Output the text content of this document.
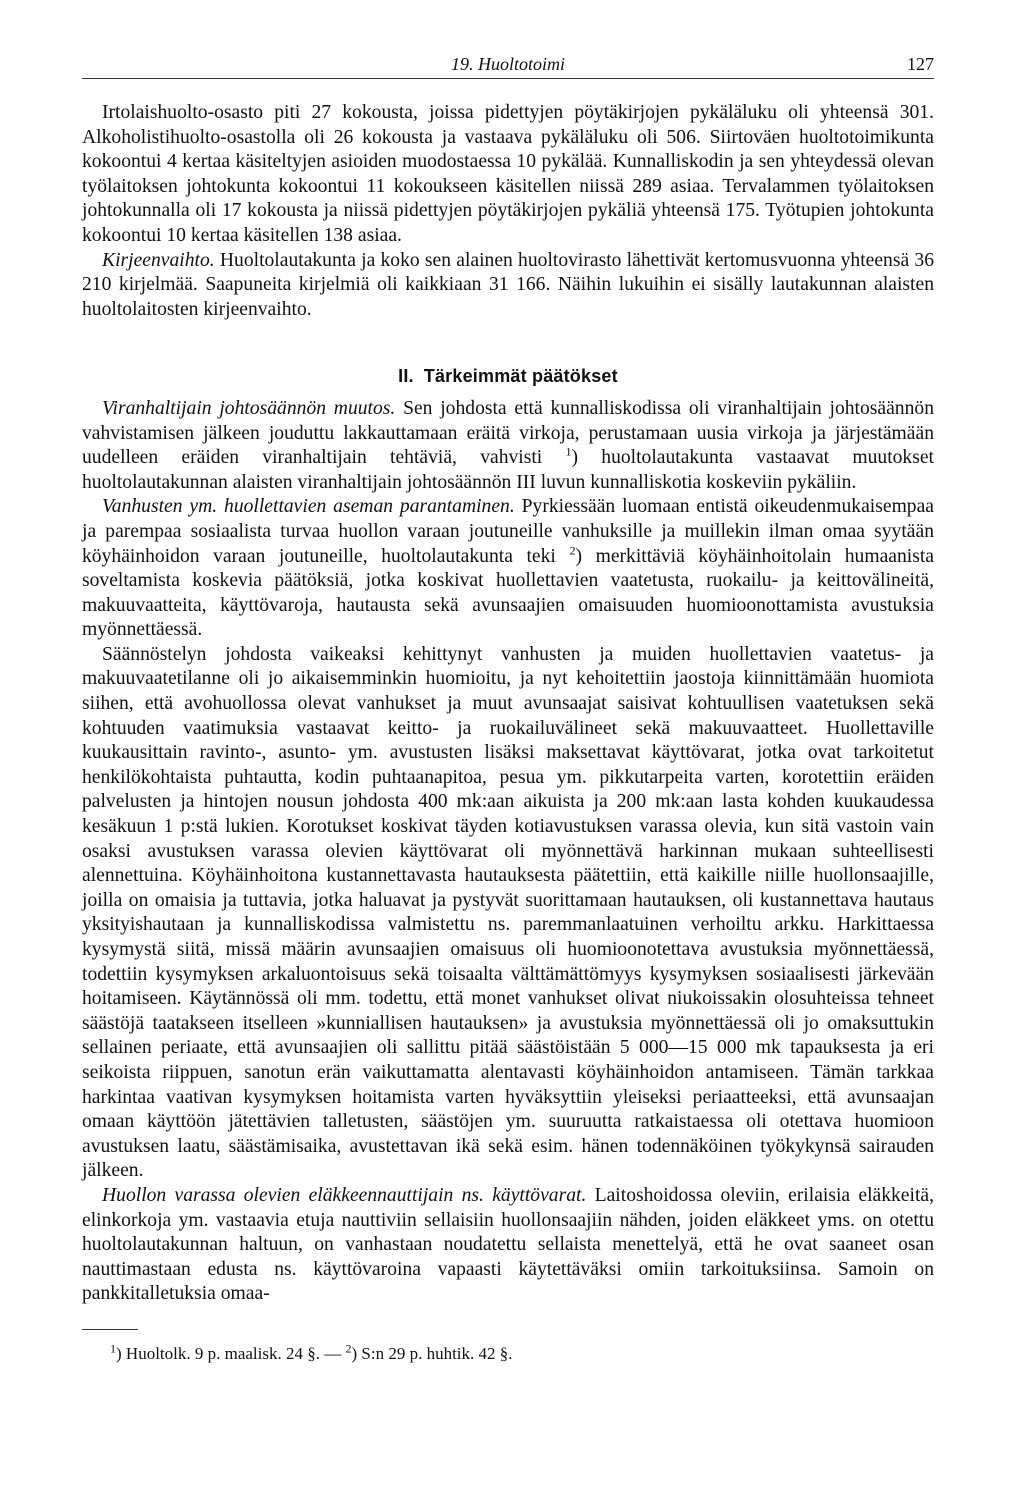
19. Huoltotoimi	127

Irtolaishuolto-osasto piti 27 kokousta, joissa pidettyjen pöytäkirjojen pykäläluku oli yhteensä 301. Alkoholistihuolto-osastolla oli 26 kokousta ja vastaava pykäläluku oli 506. Siirtoväen huoltotoimikunta kokoontui 4 kertaa käsiteltyjen asioiden muodostaessa 10 pykälää. Kunnalliskodin ja sen yhteydessä olevan työlaitoksen johtokunta kokoontui 11 kokoukseen käsitellen niissä 289 asiaa. Tervalammen työlaitoksen johtokunnalla oli 17 kokousta ja niissä pidettyjen pöytäkirjojen pykäliä yhteensä 175. Työtupien johtokunta kokoontui 10 kertaa käsitellen 138 asiaa.

Kirjeenvaihto. Huoltolautakunta ja koko sen alainen huoltovirasto lähettivät kertomusvuonna yhteensä 36 210 kirjelmää. Saapuneita kirjelmiä oli kaikkiaan 31 166. Näihin lukuihin ei sisälly lautakunnan alaisten huoltolaitosten kirjeenvaihto.

II. Tärkeimmät päätökset

Viranhaltijain johtosäännön muutos. Sen johdosta että kunnalliskodissa oli viranhaltijain johtosäännön vahvistamisen jälkeen jouduttu lakkauttamaan eräitä virkoja, perustamaan uusia virkoja ja järjestämään uudelleen eräiden viranhaltijain tehtäviä, vahvisti $^1$) huoltolautakunta vastaavat muutokset huoltolautakunnan alaisten viranhaltijain johtosäännön III luvun kunnalliskotia koskeviin pykäliin.

Vanhusten ym. huollettavien aseman parantaminen. Pyrkiessään luomaan entistä oikeudenmukaisempaa ja parempaa sosiaalista turvaa huollon varaan joutuneille vanhuksille ja muillekin ilman omaa syytään köyhäinhoidon varaan joutuneille, huoltolautakunta teki $^2$) merkittäviä köyhäinhoitolain humaanista soveltamista koskevia päätöksiä, jotka koskivat huollettavien vaatetusta, ruokailu- ja keittovälineitä, makuuvaatteita, käyttövaroja, hautausta sekä avunsaajien omaisuuden huomioonottamista avustuksia myönnettäessä.

Säännöstelyn johdosta vaikeaksi kehittynyt vanhusten ja muiden huollettavien vaatetus- ja makuuvaatetilanne oli jo aikaisemminkin huomioitu, ja nyt kehoitettiin jaostoja kiinnittämään huomiota siihen, että avohuollossa olevat vanhukset ja muut avunsaajat saisivat kohtuullisen vaatetuksen sekä kohtuuden vaatimuksia vastaavat keitto- ja ruokailuvälineet sekä makuuvaatteet. Huollettaville kuukausittain ravinto-, asunto- ym. avustusten lisäksi maksettavat käyttövarat, jotka ovat tarkoitetut henkilökohtaista puhtautta, kodin puhtaanapitoa, pesua ym. pikkutarpeita varten, korotettiin eräiden palvelusten ja hintojen nousun johdosta 400 mk:aan aikuista ja 200 mk:aan lasta kohden kuukaudessa kesäkuun 1 p:stä lukien. Korotukset koskivat täyden kotiavustuksen varassa olevia, kun sitä vastoin vain osaksi avustuksen varassa olevien käyttövarat oli myönnettävä harkinnan mukaan suhteellisesti alennettuina. Köyhäinhoitona kustannettavasta hautauksesta päätettiin, että kaikille niille huollonsaajille, joilla on omaisia ja tuttavia, jotka haluavat ja pystyvät suorittamaan hautauksen, oli kustannettava hautaus yksityishautaan ja kunnalliskodissa valmistettu ns. paremmanlaatuinen verhoiltu arkku. Harkittaessa kysymystä siitä, missä määrin avunsaajien omaisuus oli huomioonotettava avustuksia myönnettäessä, todettiin kysymyksen arkaluontoisuus sekä toisaalta välttämättömyys kysymyksen sosiaalisesti järkevään hoitamiseen. Käytännössä oli mm. todettu, että monet vanhukset olivat niukoissakin olosuhteissa tehneet säästöjä taatakseen itselleen »kunniallisen hautauksen» ja avustuksia myönnettäessä oli jo omaksuttukin sellainen periaate, että avunsaajien oli sallittu pitää säästöistään 5 000—15 000 mk tapauksesta ja eri seikoista riippuen, sanotun erän vaikuttamatta alentavasti köyhäinhoidon antamiseen. Tämän tarkkaa harkintaa vaativan kysymyksen hoitamista varten hyväksyttiin yleiseksi periaatteeksi, että avunsaajan omaan käyttöön jätettävien talletusten, säästöjen ym. suuruutta ratkaistaessa oli otettava huomioon avustuksen laatu, säästämisaika, avustettavan ikä sekä esim. hänen todennäköinen työkykynsä sairauden jälkeen.

Huollon varassa olevien eläkkeennauttijain ns. käyttövarat. Laitoshoidossa oleviin, erilaisia eläkkeitä, elinkorkoja ym. vastaavia etuja nauttiviin sellaisiin huollonsaajiin nähden, joiden eläkkeet yms. on otettu huoltolautakunnan haltuun, on vanhastaan noudatettu sellaista menettelyä, että he ovat saaneet osan nauttimastaan edusta ns. käyttövaroina vapaasti käytettäväksi omiin tarkoituksiinsa. Samoin on pankkitalletuksia omaa-

$^1$) Huoltolk. 9 p. maalisk. 24 §. — $^2$) S:n 29 p. huhtik. 42 §.
